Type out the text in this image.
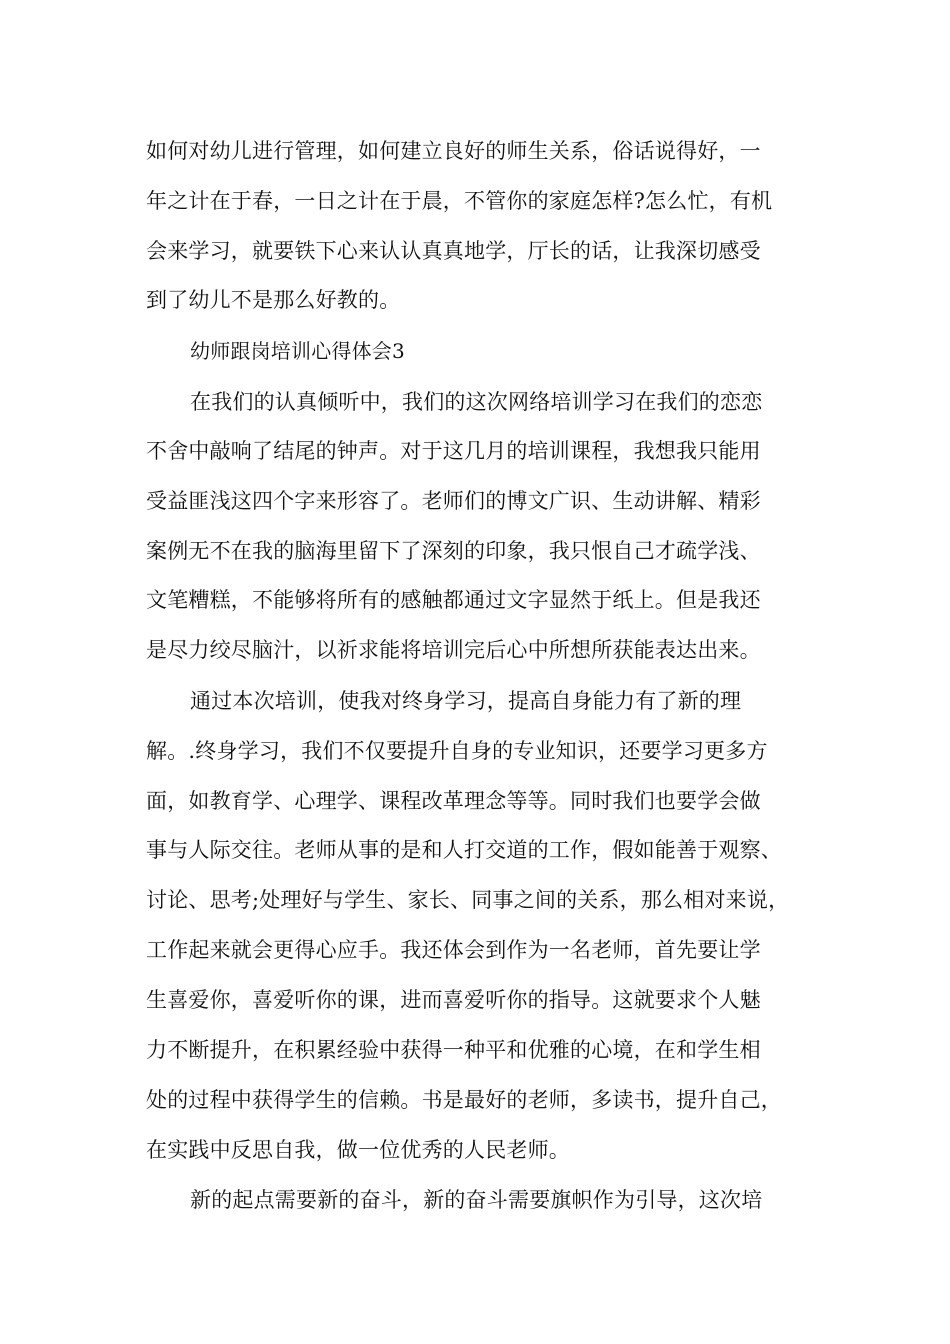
如何对幼儿进行管理，如何建立良好的师生关系，俗话说得好，一
年之计在于春，一日之计在于晨，不管你的家庭怎样?怎么忙，有机
会来学习，就要铁下心来认认真真地学，厅长的话，让我深切感受
到了幼儿不是那么好教的。
幼师跟岗培训心得体会3
在我们的认真倾听中，我们的这次网络培训学习在我们的恋恋
不舍中敲响了结尾的钟声。对于这几月的培训课程，我想我只能用
受益匪浅这四个字来形容了。老师们的博文广识、生动讲解、精彩
案例无不在我的脑海里留下了深刻的印象，我只恨自己才疏学浅、
文笔糟糕，不能够将所有的感触都通过文字显然于纸上。但是我还
是尽力绞尽脑汁，以祈求能将培训完后心中所想所获能表达出来。
通过本次培训，使我对终身学习，提高自身能力有了新的理
解。.终身学习，我们不仅要提升自身的专业知识，还要学习更多方
面，如教育学、心理学、课程改革理念等等。同时我们也要学会做
事与人际交往。老师从事的是和人打交道的工作，假如能善于观察、
讨论、思考;处理好与学生、家长、同事之间的关系，那么相对来说，
工作起来就会更得心应手。我还体会到作为一名老师，首先要让学
生喜爱你，喜爱听你的课，进而喜爱听你的指导。这就要求个人魅
力不断提升，在积累经验中获得一种平和优雅的心境，在和学生相
处的过程中获得学生的信赖。书是最好的老师，多读书，提升自己，
在实践中反思自我，做一位优秀的人民老师。
新的起点需要新的奋斗，新的奋斗需要旗帜作为引导，这次培
